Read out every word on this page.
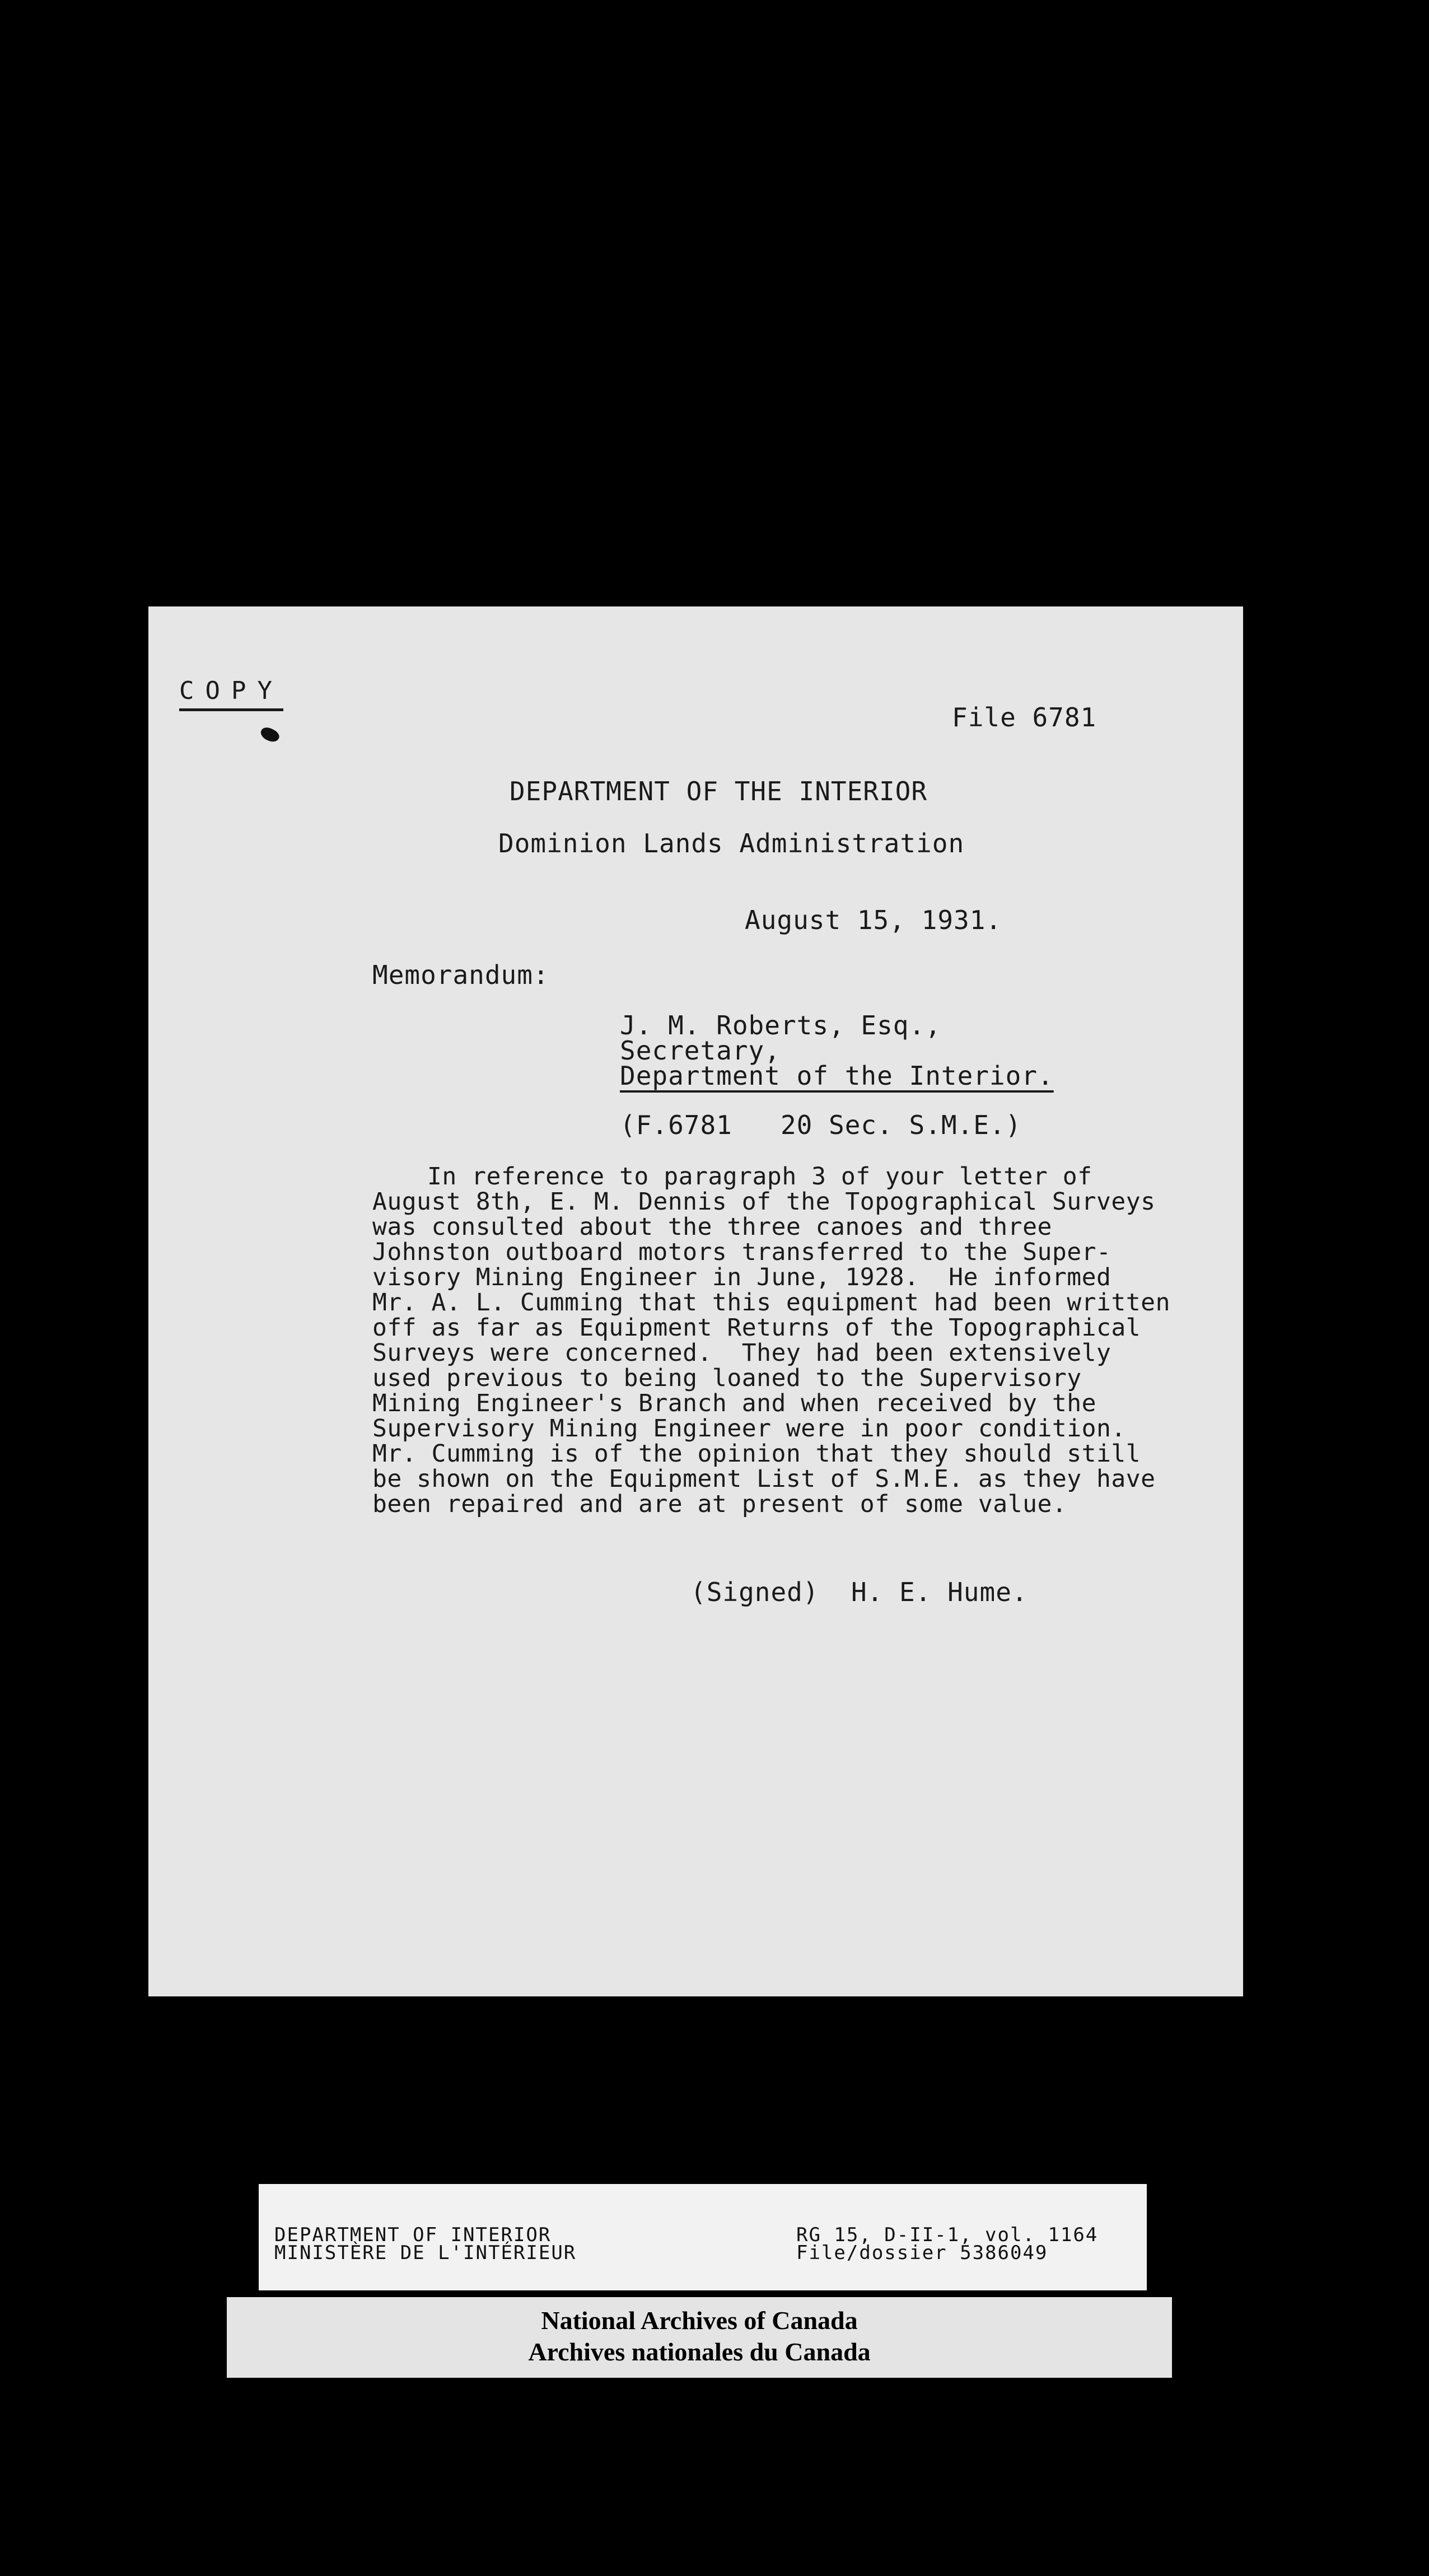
COPY
File 6781
DEPARTMENT OF THE INTERIOR
Dominion Lands Administration
August 15, 1931.
Memorandum:
J. M. Roberts, Esq.,
Secretary,
Department of the Interior.
(F.6781   20 Sec. S.M.E.)
In reference to paragraph 3 of your letter of
August 8th, E. M. Dennis of the Topographical Surveys
was consulted about the three canoes and three
Johnston outboard motors transferred to the Super-
visory Mining Engineer in June, 1928.  He informed
Mr. A. L. Cumming that this equipment had been written
off as far as Equipment Returns of the Topographical
Surveys were concerned.  They had been extensively
used previous to being loaned to the Supervisory
Mining Engineer's Branch and when received by the
Supervisory Mining Engineer were in poor condition.
Mr. Cumming is of the opinion that they should still
be shown on the Equipment List of S.M.E. as they have
been repaired and are at present of some value.
(Signed)  H. E. Hume.
DEPARTMENT OF INTERIOR
MINISTÈRE DE L'INTÉRIEUR
RG 15, D-II-1, vol. 1164
File/dossier 5386049
National Archives of Canada
Archives nationales du Canada
